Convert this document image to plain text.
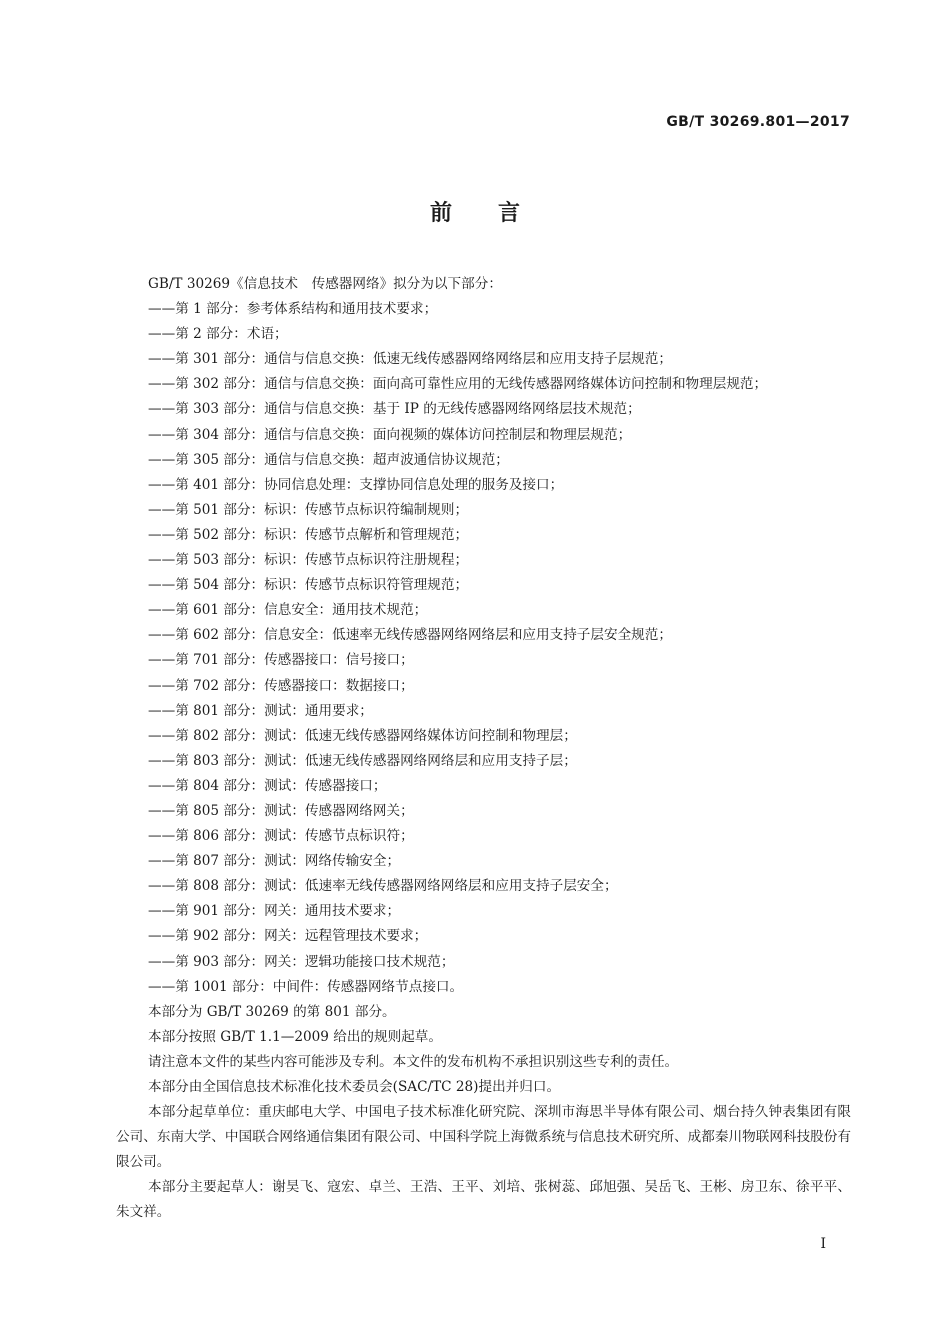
GB/T 30269.801—2017
前言

GB/T 30269《信息技术　传感器网络》拟分为以下部分：

——第 1 部分：参考体系结构和通用技术要求；

——第 2 部分：术语；

——第 301 部分：通信与信息交换：低速无线传感器网络网络层和应用支持子层规范；

——第 302 部分：通信与信息交换：面向高可靠性应用的无线传感器网络媒体访问控制和物理层规范；

——第 303 部分：通信与信息交换：基于 IP 的无线传感器网络网络层技术规范；

——第 304 部分：通信与信息交换：面向视频的媒体访问控制层和物理层规范；

——第 305 部分：通信与信息交换：超声波通信协议规范；

——第 401 部分：协同信息处理：支撑协同信息处理的服务及接口；

——第 501 部分：标识：传感节点标识符编制规则；

——第 502 部分：标识：传感节点解析和管理规范；

——第 503 部分：标识：传感节点标识符注册规程；

——第 504 部分：标识：传感节点标识符管理规范；

——第 601 部分：信息安全：通用技术规范；

——第 602 部分：信息安全：低速率无线传感器网络网络层和应用支持子层安全规范；

——第 701 部分：传感器接口：信号接口；

——第 702 部分：传感器接口：数据接口；

——第 801 部分：测试：通用要求；

——第 802 部分：测试：低速无线传感器网络媒体访问控制和物理层；

——第 803 部分：测试：低速无线传感器网络网络层和应用支持子层；

——第 804 部分：测试：传感器接口；

——第 805 部分：测试：传感器网络网关；

——第 806 部分：测试：传感节点标识符；

——第 807 部分：测试：网络传输安全；

——第 808 部分：测试：低速率无线传感器网络网络层和应用支持子层安全；

——第 901 部分：网关：通用技术要求；

——第 902 部分：网关：远程管理技术要求；

——第 903 部分：网关：逻辑功能接口技术规范；

——第 1001 部分：中间件：传感器网络节点接口。

本部分为 GB/T 30269 的第 801 部分。

本部分按照 GB/T 1.1—2009 给出的规则起草。

请注意本文件的某些内容可能涉及专利。本文件的发布机构不承担识别这些专利的责任。

本部分由全国信息技术标准化技术委员会(SAC/TC 28)提出并归口。

本部分起草单位：重庆邮电大学、中国电子技术标准化研究院、深圳市海思半导体有限公司、烟台持久钟表集团有限公司、东南大学、中国联合网络通信集团有限公司、中国科学院上海微系统与信息技术研究所、成都秦川物联网科技股份有限公司。

本部分主要起草人：谢昊飞、寇宏、卓兰、王浩、王平、刘培、张树蕊、邱旭强、吴岳飞、王彬、房卫东、徐平平、朱文祥。

I
